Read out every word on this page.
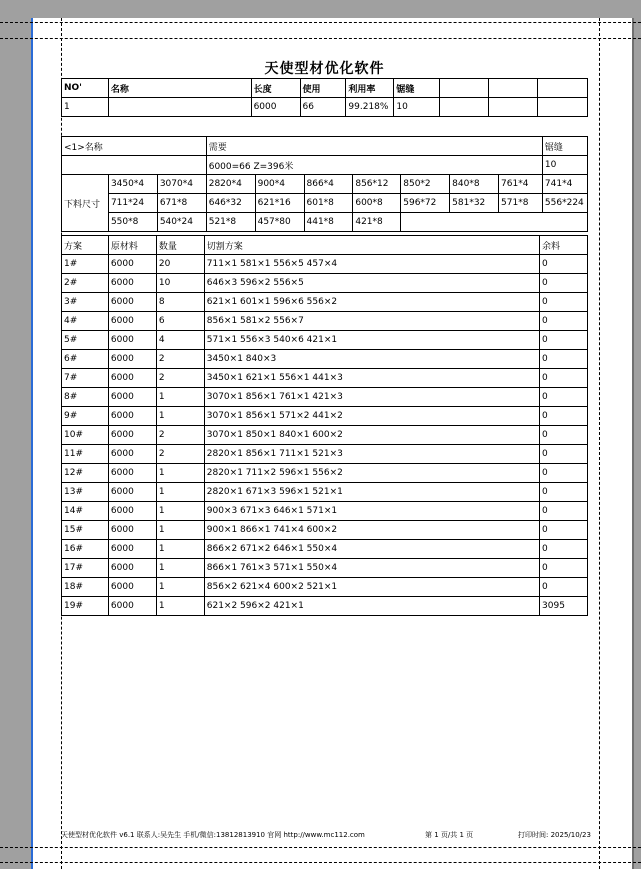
天使型材优化软件
NO'	名称	长度	使用	利用率	锯缝			
1		6000	66	99.218%	10			
<1>名称			需要							锯缝
			6000=66 Z=396米							10
下料尺寸	3450*4	3070*4	2820*4	900*4	866*4	856*12	850*2	840*8	761*4	741*4
	711*24	671*8	646*32	621*16	601*8	600*8	596*72	581*32	571*8	556*224
	550*8	540*24	521*8	457*80	441*8	421*8				
方案	原材料	数量	切割方案	余料
1#	6000	20	711×1 581×1 556×5 457×4	0
2#	6000	10	646×3 596×2 556×5	0
3#	6000	8	621×1 601×1 596×6 556×2	0
4#	6000	6	856×1 581×2 556×7	0
5#	6000	4	571×1 556×3 540×6 421×1	0
6#	6000	2	3450×1 840×3	0
7#	6000	2	3450×1 621×1 556×1 441×3	0
8#	6000	1	3070×1 856×1 761×1 421×3	0
9#	6000	1	3070×1 856×1 571×2 441×2	0
10#	6000	2	3070×1 850×1 840×1 600×2	0
11#	6000	2	2820×1 856×1 711×1 521×3	0
12#	6000	1	2820×1 711×2 596×1 556×2	0
13#	6000	1	2820×1 671×3 596×1 521×1	0
14#	6000	1	900×3 671×3 646×1 571×1	0
15#	6000	1	900×1 866×1 741×4 600×2	0
16#	6000	1	866×2 671×2 646×1 550×4	0
17#	6000	1	866×1 761×3 571×1 550×4	0
18#	6000	1	856×2 621×4 600×2 521×1	0
19#	6000	1	621×2 596×2 421×1	3095
天使型材优化软件 v6.1 联系人:吴先生 手机/微信:13812813910 官网 http://www.mc112.com	第 1 页/共 1 页	打印时间: 2025/10/23
